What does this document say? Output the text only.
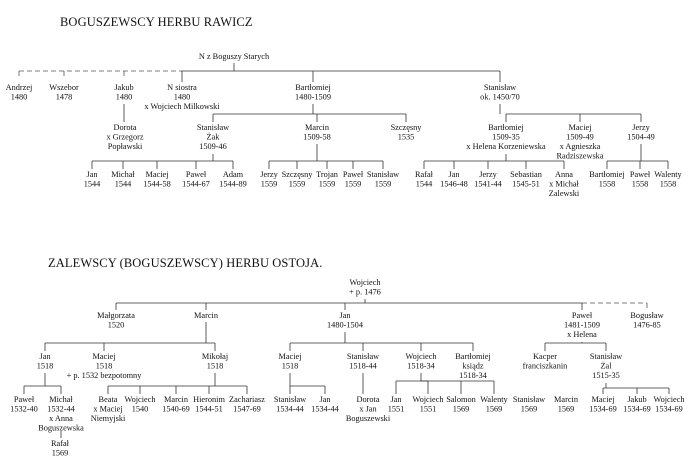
BOGUSZEWSCY HERBU RAWICZ
ZALEWSCY (BOGUSZEWSCY) HERBU OSTOJA.
N z Boguszy Starych
Andrzej 1480
Wszebor 1478
Jakub 1480
N siostra 1480 x Wojciech Milkowski
Bartłomiej 1480-1509
Stanisław ok. 1450/70
Dorota x Grzegorz Popławski
Stanisław Żak 1509-46
Marcin 1509-58
Szczęsny 1535
Bartłomiej 1509-35 x Helena Korzeniewska
Maciej 1509-49 x Agnieszka Radziszewska
Jerzy 1504-49
Jan 1544
Michał 1544
Maciej 1544-58
Paweł 1544-67
Adam 1544-89
Jerzy 1559
Szczęsny 1559
Trojan 1559
Paweł 1559
Stanisław 1559
Rafał 1544
Jan 1546-48
Jerzy 1541-44
Sebastian 1545-51
Anna x Michał Zalewski
Bartłomiej 1558
Paweł 1558
Walenty 1558
Wojciech + p. 1476
Małgorzata 1520
Marcin	Jan 1480-1504
Paweł 1481-1509 x Helena
Bogusław 1476-85
Jan 1518
Maciej 1518 + p. 1532 bezpotomny
Mikołaj 1518
Maciej 1518
Stanisław 1518-44
Wojciech 1518-34
Bartłomiej ksiądz 1518-34
Kacper franciszkanin
Stanisław Żal 1515-35
Paweł 1532-40
Michał 1532-44 x Anna Boguszewska
Beata x Maciej Niemyjski
Wojciech 1540
Marcin 1540-69
Hieronim 1544-51
Zachariasz 1547-69
Stanisław 1534-44
Jan 1534-44
Dorota x Jan Boguszewski
Jan 1551
Wojciech 1551
Salomon 1569
Walenty 1569
Stanisław 1569
Marcin 1569
Maciej 1534-69
Jakub 1534-69
Wojciech 1534-69
Rafał 1569
